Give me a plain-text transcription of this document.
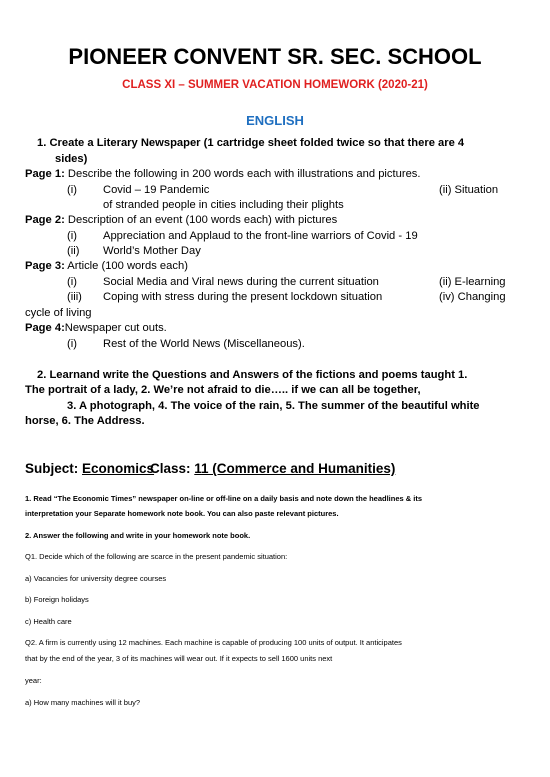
PIONEER CONVENT SR. SEC. SCHOOL
CLASS XI – SUMMER VACATION HOMEWORK (2020-21)
ENGLISH
1. Create a Literary Newspaper (1 cartridge sheet folded twice so that there are 4
sides)
Page 1: Describe the following in 200 words each with illustrations and pictures.
(i) Covid – 19 Pandemic	(ii) Situation
of stranded people in cities including their plights
Page 2: Description of an event (100 words each) with pictures
(i) Appreciation and Applaud to the front-line warriors of Covid - 19
(ii) World’s Mother Day
Page 3: Article (100 words each)
(i) Social Media and Viral news during the current situation	(ii) E-learning
(iii) Coping with stress during the present lockdown situation	(iv) Changing
cycle of living
Page 4:Newspaper cut outs.
(i) Rest of the World News (Miscellaneous).
2. Learnand write the Questions and Answers of the fictions and poems taught 1.
The portrait of a lady, 2. We’re not afraid to die….. if we can all be together,
3. A photograph, 4. The voice of the rain, 5. The summer of the beautiful white
horse, 6. The Address.
Subject: Economics
Class: 11 (Commerce and Humanities)
1. Read “The Economic Times” newspaper on-line or off-line on a daily basis and note down the headlines & its
interpretation your Separate homework note book. You can also paste relevant pictures.
2. Answer the following and write in your homework note book.
Q1. Decide which of the following are scarce in the present pandemic situation:
a) Vacancies for university degree courses
b) Foreign holidays
c) Health care
Q2. A firm is currently using 12 machines. Each machine is capable of producing 100 units of output. It anticipates
that by the end of the year, 3 of its machines will wear out. If it expects to sell 1600 units next
year:
a) How many machines will it buy?
